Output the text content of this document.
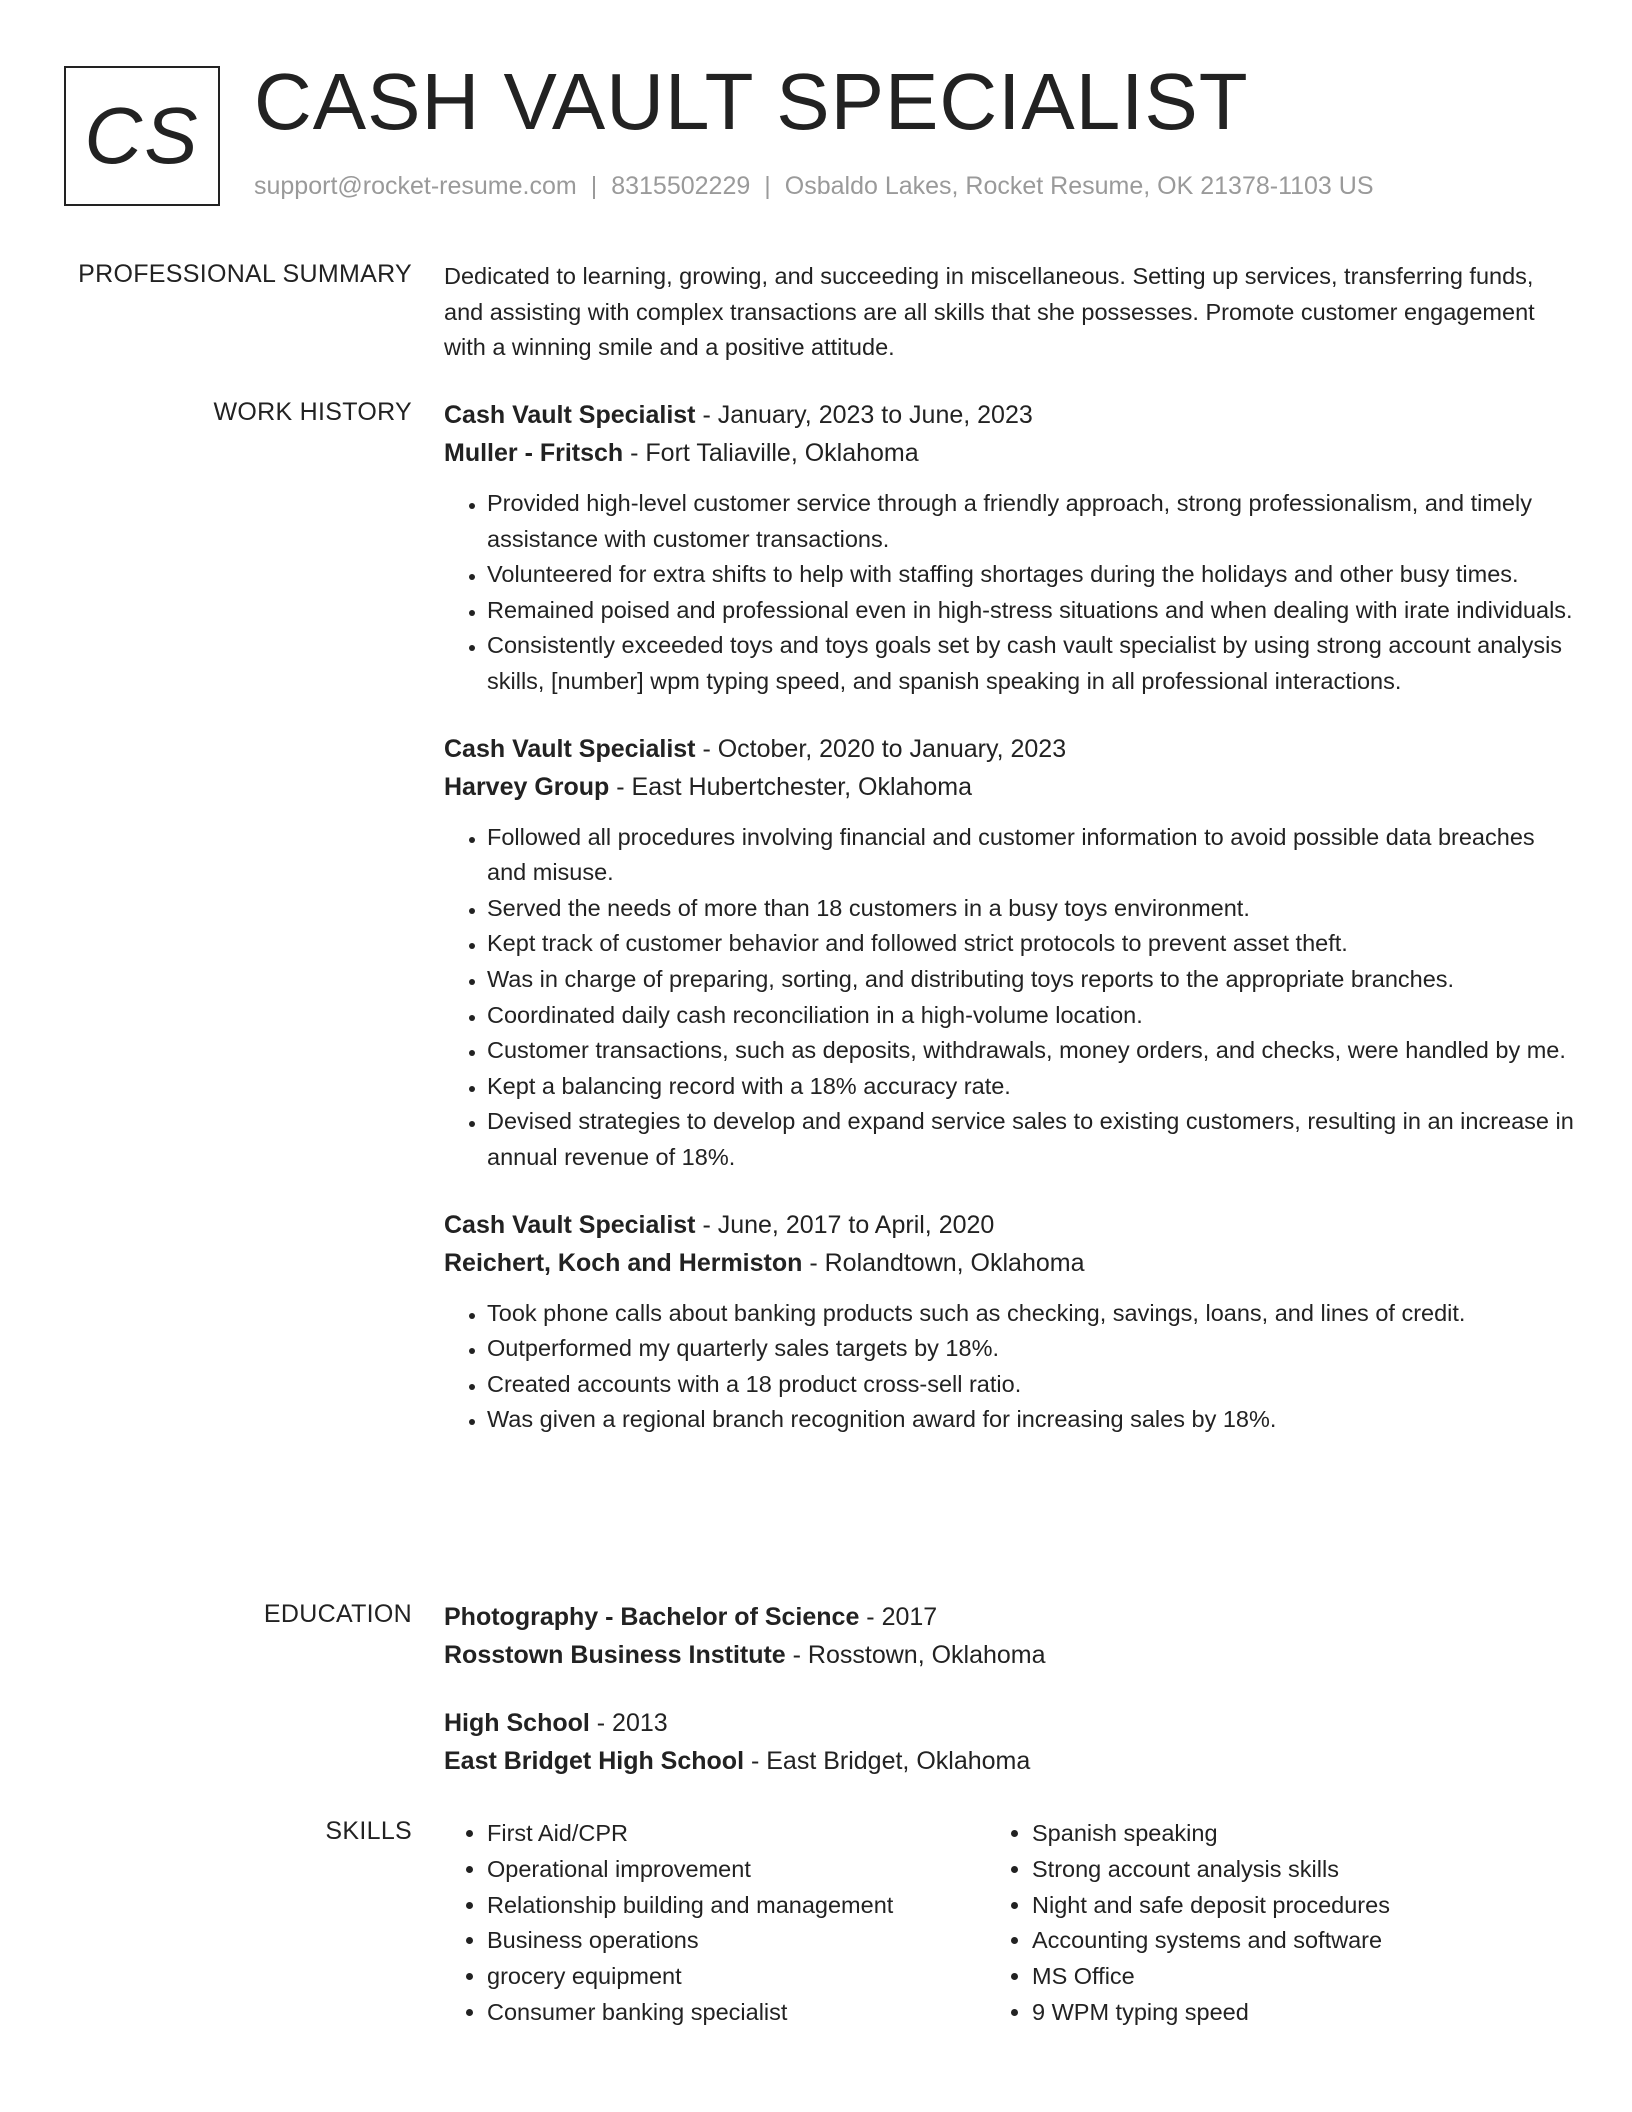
CS CASH VAULT SPECIALIST
support@rocket-resume.com | 8315502229 | Osbaldo Lakes, Rocket Resume, OK 21378-1103 US
PROFESSIONAL SUMMARY Dedicated to learning, growing, and succeeding in miscellaneous. Setting up services, transferring funds, and assisting with complex transactions are all skills that she possesses. Promote customer engagement with a winning smile and a positive attitude.

WORK HISTORY Cash Vault Specialist - January, 2023 to June, 2023
Muller - Fritsch - Fort Taliaville, Oklahoma
• Provided high-level customer service through a friendly approach, strong professionalism, and timely assistance with customer transactions.
• Volunteered for extra shifts to help with staffing shortages during the holidays and other busy times.
• Remained poised and professional even in high-stress situations and when dealing with irate individuals.
• Consistently exceeded toys and toys goals set by cash vault specialist by using strong account analysis skills, [number] wpm typing speed, and spanish speaking in all professional interactions.
Cash Vault Specialist - October, 2020 to January, 2023
Harvey Group - East Hubertchester, Oklahoma
• Followed all procedures involving financial and customer information to avoid possible data breaches and misuse.
• Served the needs of more than 18 customers in a busy toys environment.
• Kept track of customer behavior and followed strict protocols to prevent asset theft.
• Was in charge of preparing, sorting, and distributing toys reports to the appropriate branches.
• Coordinated daily cash reconciliation in a high-volume location.
• Customer transactions, such as deposits, withdrawals, money orders, and checks, were handled by me.
• Kept a balancing record with a 18% accuracy rate.
• Devised strategies to develop and expand service sales to existing customers, resulting in an increase in annual revenue of 18%.
Cash Vault Specialist - June, 2017 to April, 2020
Reichert, Koch and Hermiston - Rolandtown, Oklahoma
• Took phone calls about banking products such as checking, savings, loans, and lines of credit.
• Outperformed my quarterly sales targets by 18%.
• Created accounts with a 18 product cross-sell ratio.
• Was given a regional branch recognition award for increasing sales by 18%.
EDUCATION Photography - Bachelor of Science - 2017
Rosstown Business Institute - Rosstown, Oklahoma
High School - 2013
East Bridget High School - East Bridget, Oklahoma
SKILLS
•	First Aid/CPR
• Operational improvement
• Relationship building and management
• Business operations
• grocery equipment
• Consumer banking specialist
• Spanish speaking
• Strong account analysis skills
• Night and safe deposit procedures
• Accounting systems and software
• MS Office
• 9 WPM typing speed
